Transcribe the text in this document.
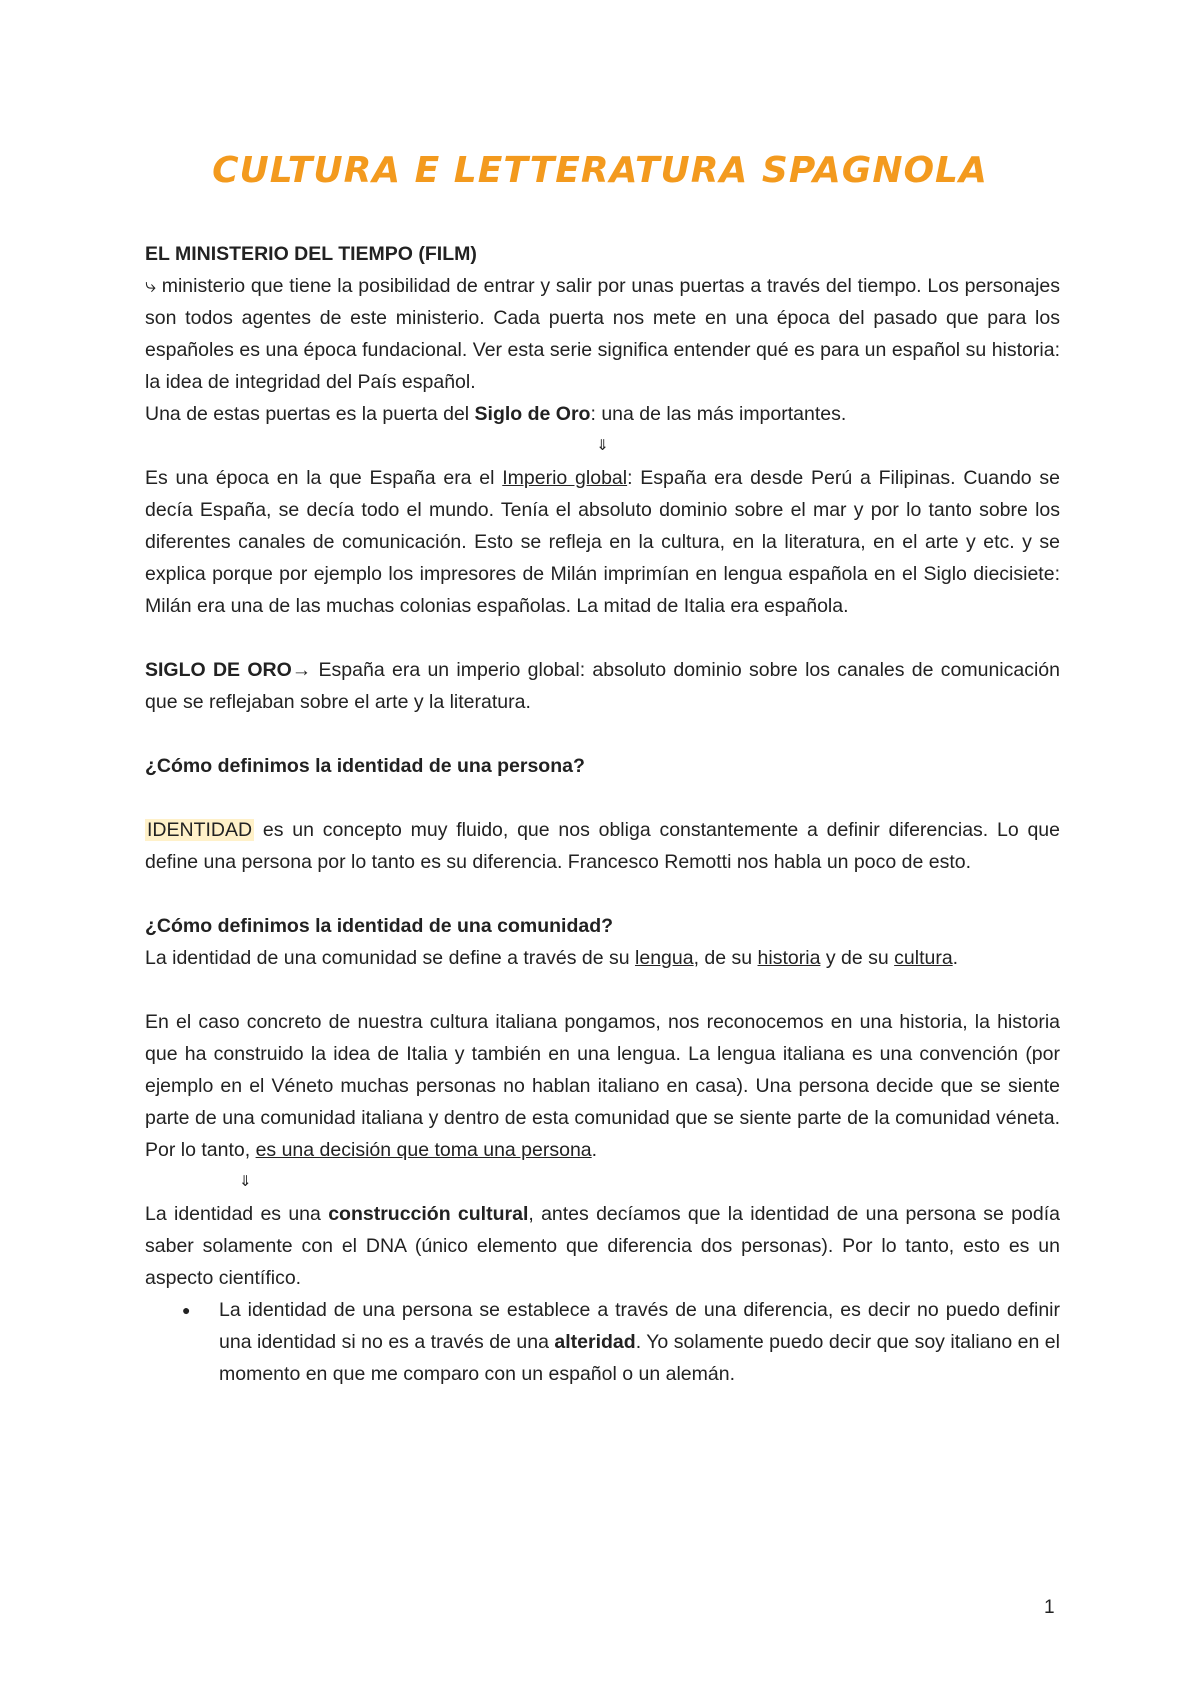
CULTURA E LETTERATURA SPAGNOLA

EL MINISTERIO DEL TIEMPO (FILM)

⤷ ministerio que tiene la posibilidad de entrar y salir por unas puertas a través del tiempo. Los personajes son todos agentes de este ministerio. Cada puerta nos mete en una época del pasado que para los españoles es una época fundacional. Ver esta serie significa entender qué es para un español su historia: la idea de integridad del País español.

Una de estas puertas es la puerta del Siglo de Oro: una de las más importantes.

⇓

Es una época en la que España era el Imperio global: España era desde Perú a Filipinas. Cuando se decía España, se decía todo el mundo. Tenía el absoluto dominio sobre el mar y por lo tanto sobre los diferentes canales de comunicación. Esto se refleja en la cultura, en la literatura, en el arte y etc. y se explica porque por ejemplo los impresores de Milán imprimían en lengua española en el Siglo diecisiete: Milán era una de las muchas colonias españolas. La mitad de Italia era española.

SIGLO DE ORO→ España era un imperio global: absoluto dominio sobre los canales de comunicación que se reflejaban sobre el arte y la literatura.

¿Cómo definimos la identidad de una persona?

IDENTIDAD es un concepto muy fluido, que nos obliga constantemente a definir diferencias. Lo que define una persona por lo tanto es su diferencia. Francesco Remotti nos habla un poco de esto.

¿Cómo definimos la identidad de una comunidad?

La identidad de una comunidad se define a través de su lengua, de su historia y de su cultura.

En el caso concreto de nuestra cultura italiana pongamos, nos reconocemos en una historia, la historia que ha construido la idea de Italia y también en una lengua. La lengua italiana es una convención (por ejemplo en el Véneto muchas personas no hablan italiano en casa). Una persona decide que se siente parte de una comunidad italiana y dentro de esta comunidad que se siente parte de la comunidad véneta. Por lo tanto, es una decisión que toma una persona.

⇓

La identidad es una construcción cultural, antes decíamos que la identidad de una persona se podía saber solamente con el DNA (único elemento que diferencia dos personas). Por lo tanto, esto es un aspecto científico.

● La identidad de una persona se establece a través de una diferencia, es decir no puedo definir una identidad si no es a través de una alteridad. Yo solamente puedo decir que soy italiano en el momento en que me comparo con un español o un alemán.
1
